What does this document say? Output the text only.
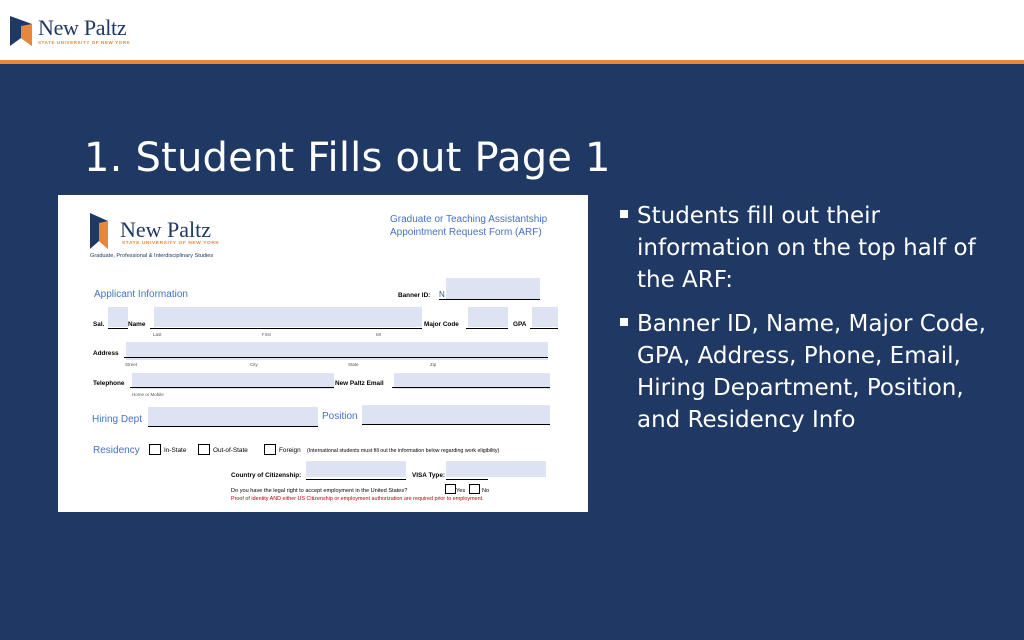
New Paltz
STATE UNIVERSITY OF NEW YORK
1. Student Fills out Page 1
New Paltz
STATE UNIVERSITY OF NEW YORK
Graduate, Professional & Interdisciplinary Studies
Graduate or Teaching Assistantship
Appointment Request Form (ARF)
Applicant Information	Banner ID: N
Sal.	Name
Last	First	MI
Major Code	GPA
Address
Street	City	State	Zip
Telephone
Home or Mobile
New Paltz Email
Hiring Dept	Position
Residency	In-State	Out-of-State	Foreign (International students must fill out the information below regarding work eligibility)
Country of Citizenship:	VISA Type:
Do you have the legal right to accept employment in the United States?	Yes	No
Proof of identity AND either US Citizenship or employment authorization are required prior to employment.
Students fill out their information on the top half of the ARF:
Banner ID, Name, Major Code, GPA, Address, Phone, Email, Hiring Department, Position, and Residency Info
